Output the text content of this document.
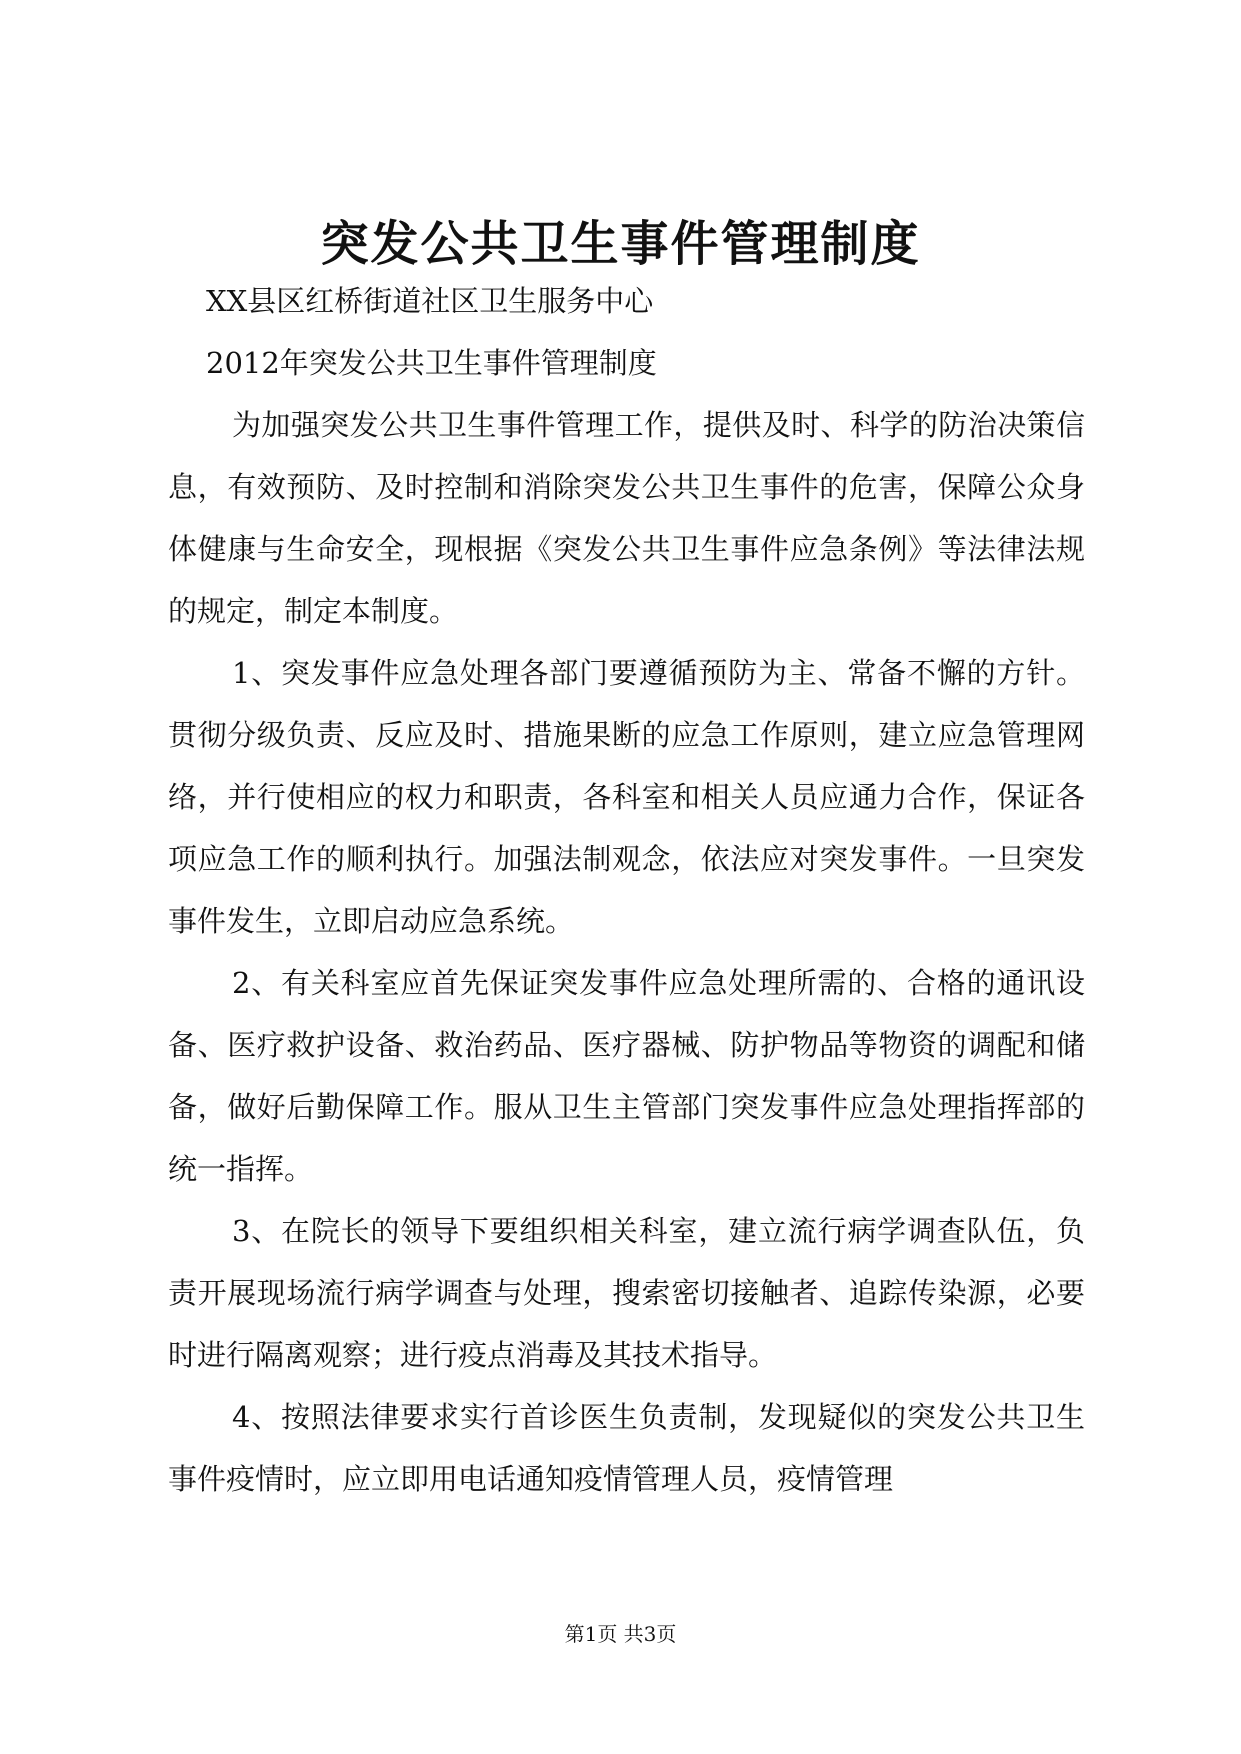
突发公共卫生事件管理制度

XX县区红桥街道社区卫生服务中心

2012年突发公共卫生事件管理制度

为加强突发公共卫生事件管理工作，提供及时、科学的防治决策信息，有效预防、及时控制和消除突发公共卫生事件的危害，保障公众身体健康与生命安全，现根据《突发公共卫生事件应急条例》等法律法规的规定，制定本制度。

1、突发事件应急处理各部门要遵循预防为主、常备不懈的方针。贯彻分级负责、反应及时、措施果断的应急工作原则，建立应急管理网络，并行使相应的权力和职责，各科室和相关人员应通力合作，保证各项应急工作的顺利执行。加强法制观念，依法应对突发事件。一旦突发事件发生，立即启动应急系统。

2、有关科室应首先保证突发事件应急处理所需的、合格的通讯设备、医疗救护设备、救治药品、医疗器械、防护物品等物资的调配和储备，做好后勤保障工作。服从卫生主管部门突发事件应急处理指挥部的统一指挥。

3、在院长的领导下要组织相关科室，建立流行病学调查队伍，负责开展现场流行病学调查与处理，搜索密切接触者、追踪传染源，必要时进行隔离观察；进行疫点消毒及其技术指导。

4、按照法律要求实行首诊医生负责制，发现疑似的突发公共卫生事件疫情时，应立即用电话通知疫情管理人员，疫情管理

第1页 共3页
